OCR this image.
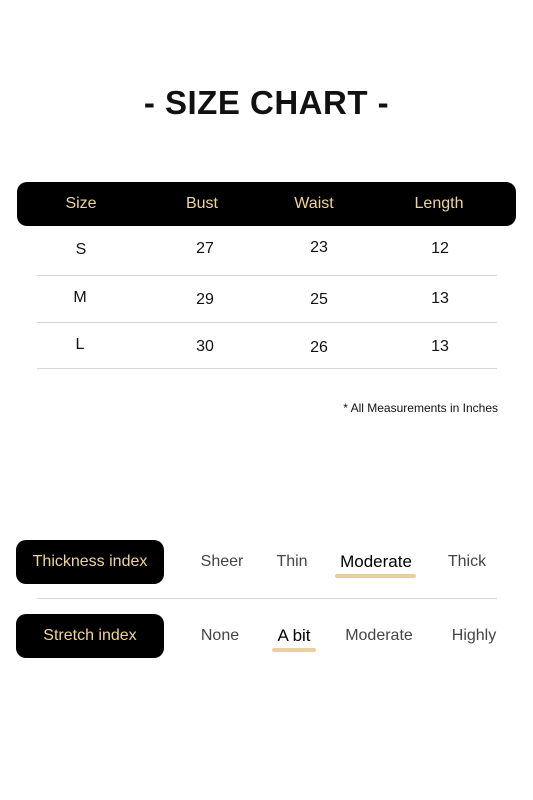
- SIZE CHART -
Size	Bust	Waist	Length
S	27	23	12
M	29	25	13
L	30	26	13
* All Measurements in Inches
Thickness index	Sheer	Thin	Moderate	Thick
Stretch index	None	A bit	Moderate	Highly
